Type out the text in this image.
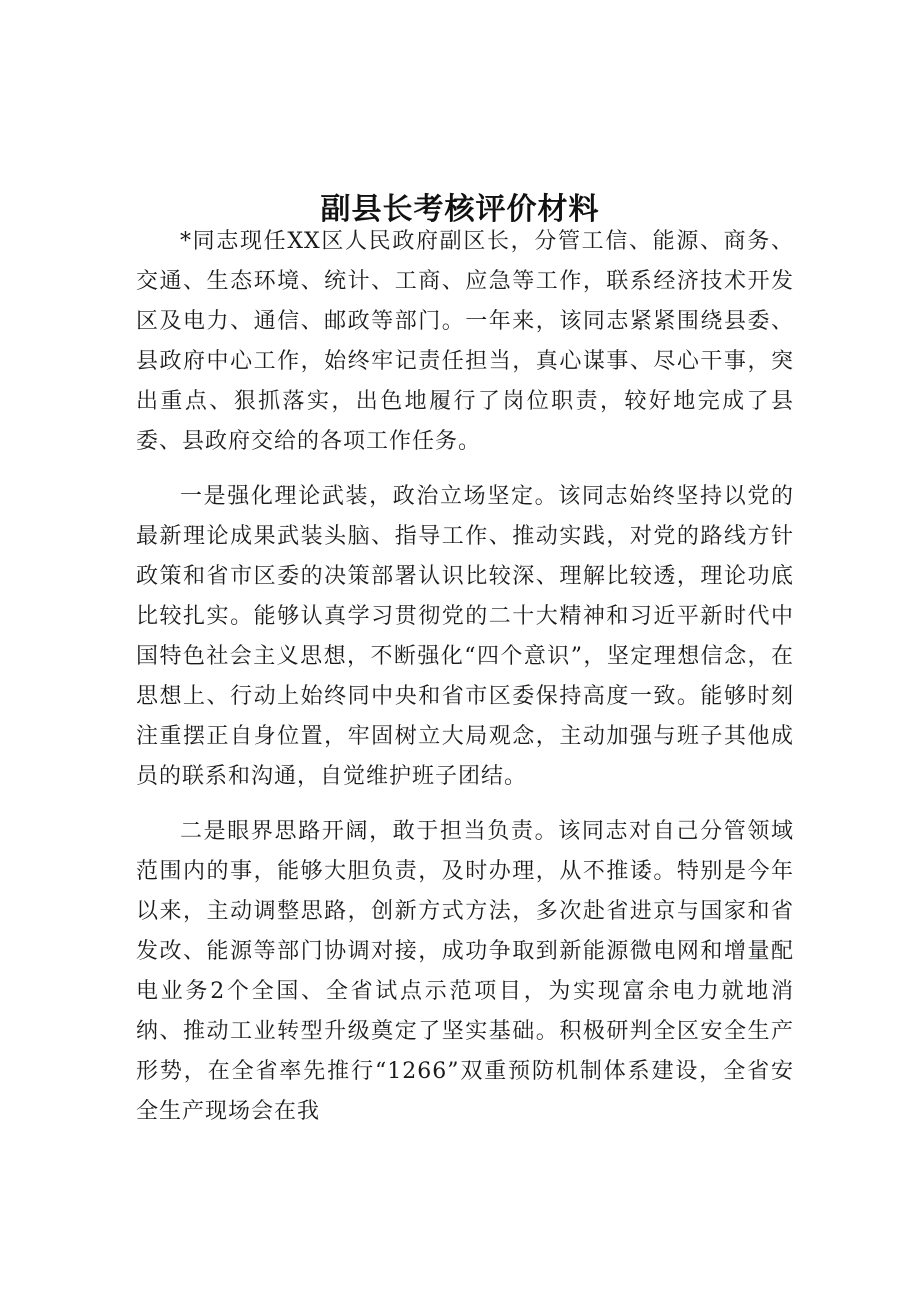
副县长考核评价材料

*同志现任XX区人民政府副区长，分管工信、能源、商务、交通、生态环境、统计、工商、应急等工作，联系经济技术开发区及电力、通信、邮政等部门。一年来，该同志紧紧围绕县委、县政府中心工作，始终牢记责任担当，真心谋事、尽心干事，突出重点、狠抓落实，出色地履行了岗位职责，较好地完成了县委、县政府交给的各项工作任务。

一是强化理论武装，政治立场坚定。该同志始终坚持以党的最新理论成果武装头脑、指导工作、推动实践，对党的路线方针政策和省市区委的决策部署认识比较深、理解比较透，理论功底比较扎实。能够认真学习贯彻党的二十大精神和习近平新时代中国特色社会主义思想，不断强化“四个意识”，坚定理想信念，在思想上、行动上始终同中央和省市区委保持高度一致。能够时刻注重摆正自身位置，牢固树立大局观念，主动加强与班子其他成员的联系和沟通，自觉维护班子团结。

二是眼界思路开阔，敢于担当负责。该同志对自己分管领域范围内的事，能够大胆负责，及时办理，从不推诿。特别是今年以来，主动调整思路，创新方式方法，多次赴省进京与国家和省发改、能源等部门协调对接，成功争取到新能源微电网和增量配电业务2个全国、全省试点示范项目，为实现富余电力就地消纳、推动工业转型升级奠定了坚实基础。积极研判全区安全生产形势，在全省率先推行“1266”双重预防机制体系建设，全省安全生产现场会在我
